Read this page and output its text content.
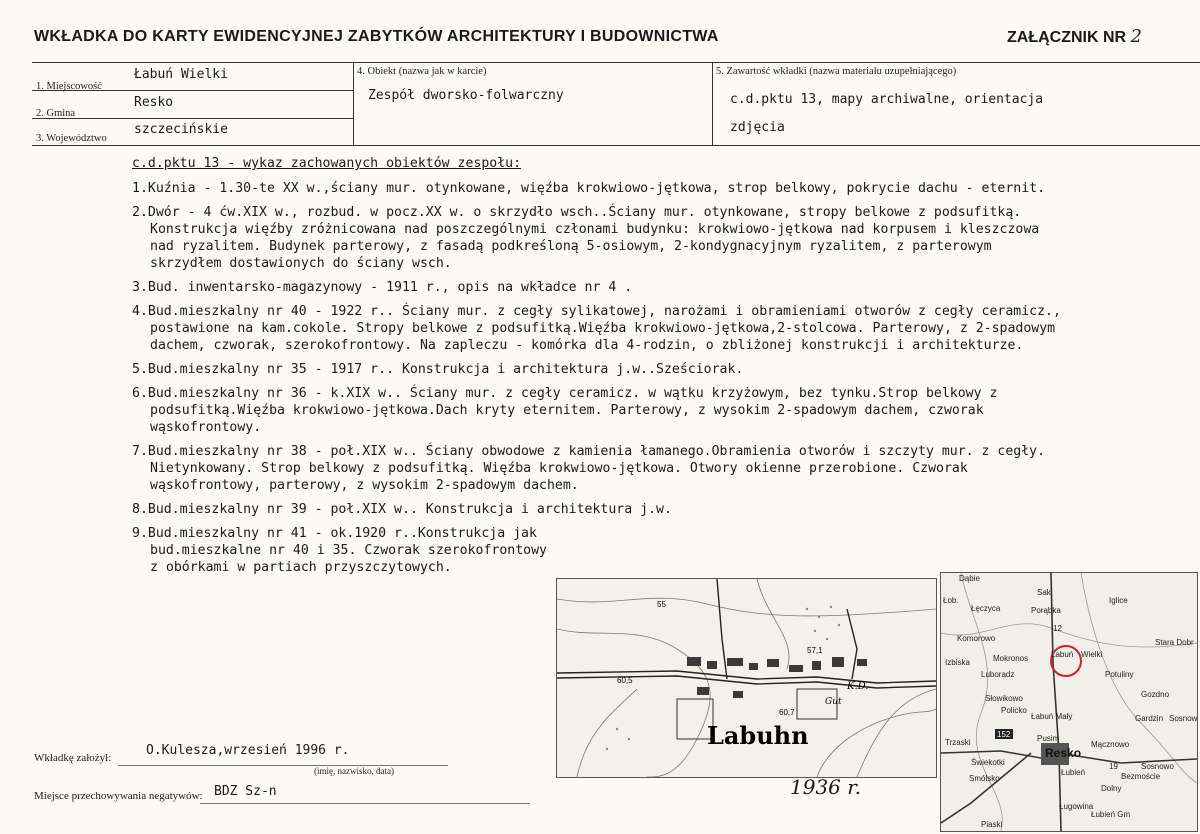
WKŁADKA DO KARTY EWIDENCYJNEJ ZABYTKÓW ARCHITEKTURY I BUDOWNICTWA	ZAŁĄCZNIK NR 2
1. Miejscowość
Łabuń Wielki
2. Gmina
Resko
3. Województwo
szczecińskie
4. Obiekt (nazwa jak w karcie)
Zespół dworsko-folwarczny
5. Zawartość wkładki (nazwa materiału uzupełniającego)
c.d.pktu 13, mapy archiwalne, orientacja
zdjęcia
c.d.pktu 13 - wykaz zachowanych obiektów zespołu:
1.Kuźnia - 1.30-te XX w.,ściany mur. otynkowane, więźba krokwiowo-jętkowa, strop belkowy, pokrycie dachu - eternit.
2.Dwór - 4 ćw.XIX w., rozbud. w pocz.XX w. o skrzydło wsch..Ściany mur. otynkowane, stropy belkowe z podsufitką. Konstrukcja więźby zróżnicowana nad poszczególnymi członami budynku: krokwiowo-jętkowa nad korpusem i kleszczowa nad ryzalitem. Budynek parterowy, z fasadą podkreśloną 5-osiowym, 2-kondygnacyjnym ryzalitem, z parterowym skrzydłem dostawionych do ściany wsch.
3.Bud. inwentarsko-magazynowy - 1911 r., opis na wkładce nr 4 .
4.Bud.mieszkalny nr 40 - 1922 r.. Ściany mur. z cegły sylikatowej, narożami i obramieniami otworów z cegły ceramicz., postawione na kam.cokole. Stropy belkowe z podsufitką.Więźba krokwiowo-jętkowa,2-stolcowa. Parterowy, z 2-spadowym dachem, czworak, szerokofrontowy. Na zapleczu - komórka dla 4-rodzin, o zbliżonej konstrukcji i architekturze.
5.Bud.mieszkalny nr 35 - 1917 r.. Konstrukcja i architektura j.w..Sześciorak.
6.Bud.mieszkalny nr 36 - k.XIX w.. Ściany mur. z cegły ceramicz. w wątku krzyżowym, bez tynku.Strop belkowy z podsufitką.Więźba krokwiowo-jętkowa.Dach kryty eternitem. Parterowy, z wysokim 2-spadowym dachem, czworak wąskofrontowy.
7.Bud.mieszkalny nr 38 - poł.XIX w.. Ściany obwodowe z kamienia łamanego.Obramienia otworów i szczyty mur. z cegły. Nietynkowany. Strop belkowy z podsufitką. Więźba krokwiowo-jętkowa. Otwory okienne przerobione. Czworak wąskofrontowy, parterowy, z wysokim 2-spadowym dachem.
8.Bud.mieszkalny nr 39 - poł.XIX w.. Konstrukcja i architektura j.w.
9.Bud.mieszkalny nr 41 - ok.1920 r..Konstrukcja jak bud.mieszkalne nr 40 i 35. Czworak szerokofrontowy z obórkami w partiach przyszczytowych.
K.D.
Gut
60,5
55
57,1
60,7
Labuhn	152
12
19
Dąbie
Saki
Łob.
Łęczyca	Porąbka
Iglice
Komorowo
Mokronos	Łabuń Wielki
Stara Dobr
Izbiska
Luboradz	Potuliny
Słowikowo	Gozdno
Łabuń Mały
Policko
Gardzin Sosnow
Trzaski	Pusim
Mącznowo
Świekotki
Resko
Łubień
Sosnowo
Smólsko
Dolny
Bezmoście
Ługowina
Łubień Gm
Piaski
Wkładkę założył:	O.Kulesza,wrzesień 1996 r.
(imię, nazwisko, data)
Miejsce przechowywania negatywów: BDZ Sz-n	1936 r.
